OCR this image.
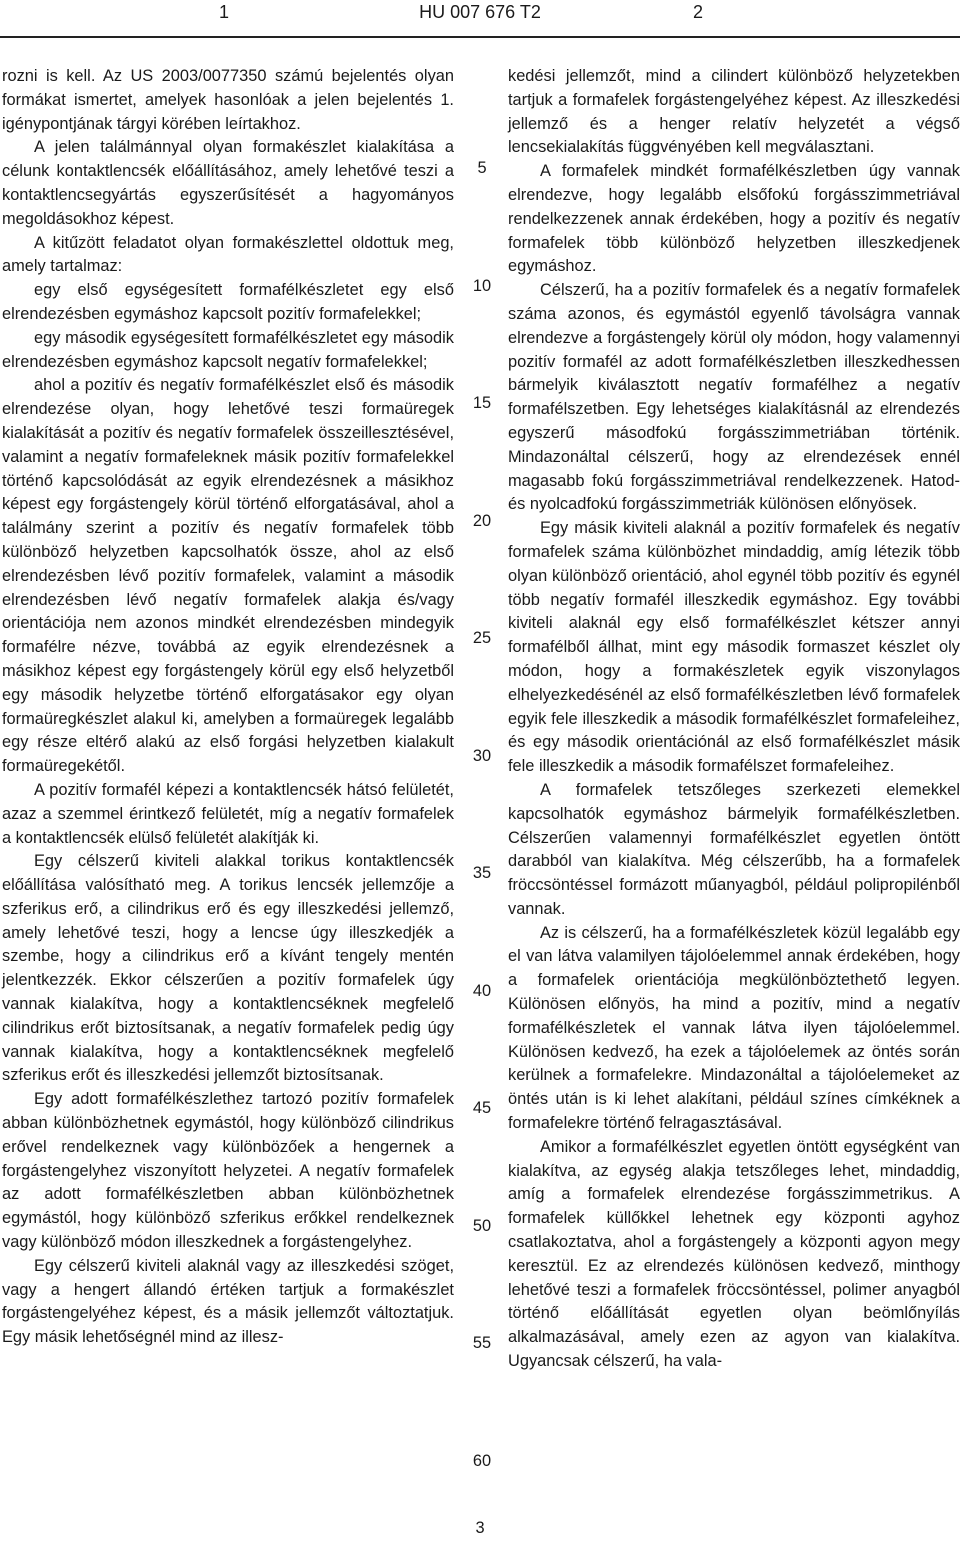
1	HU 007 676 T2	2

rozni is kell. Az US 2003/0077350 számú bejelentés olyan formákat ismertet, amelyek hasonlóak a jelen bejelentés 1. igénypontjának tárgyi körében leírtakhoz.

A jelen találmánnyal olyan formakészlet kialakítása a célunk kontaktlencsék előállításához, amely lehetővé teszi a kontaktlencsegyártás egyszerűsítését a hagyományos megoldásokhoz képest.

A kitűzött feladatot olyan formakészlettel oldottuk meg, amely tartalmaz:

egy első egységesített formafélkészletet egy első elrendezésben egymáshoz kapcsolt pozitív formafelekkel;

egy második egységesített formafélkészletet egy második elrendezésben egymáshoz kapcsolt negatív formafelekkel;

ahol a pozitív és negatív formafélkészlet első és második elrendezése olyan, hogy lehetővé teszi formaüregek kialakítását a pozitív és negatív formafelek összeillesztésével, valamint a negatív formafeleknek másik pozitív formafelekkel történő kapcsolódását az egyik elrendezésnek a másikhoz képest egy forgástengely körül történő elforgatásával, ahol a találmány szerint a pozitív és negatív formafelek több különböző helyzetben kapcsolhatók össze, ahol az első elrendezésben lévő pozitív formafelek, valamint a második elrendezésben lévő negatív formafelek alakja és/vagy orientációja nem azonos mindkét elrendezésben mindegyik formafélre nézve, továbbá az egyik elrendezésnek a másikhoz képest egy forgástengely körül egy első helyzetből egy második helyzetbe történő elforgatásakor egy olyan formaüregkészlet alakul ki, amelyben a formaüregek legalább egy része eltérő alakú az első forgási helyzetben kialakult formaüregekétől.

A pozitív formafél képezi a kontaktlencsék hátsó felületét, azaz a szemmel érintkező felületét, míg a negatív formafelek a kontaktlencsék elülső felületét alakítják ki.

Egy célszerű kiviteli alakkal torikus kontaktlencsék előállítása valósítható meg. A torikus lencsék jellemzője a szferikus erő, a cilindrikus erő és egy illeszkedési jellemző, amely lehetővé teszi, hogy a lencse úgy illeszkedjék a szembe, hogy a cilindrikus erő a kívánt tengely mentén jelentkezzék. Ekkor célszerűen a pozitív formafelek úgy vannak kialakítva, hogy a kontaktlencséknek megfelelő cilindrikus erőt biztosítsanak, a negatív formafelek pedig úgy vannak kialakítva, hogy a kontaktlencséknek megfelelő szferikus erőt és illeszkedési jellemzőt biztosítsanak.

Egy adott formafélkészlethez tartozó pozitív formafelek abban különbözhetnek egymástól, hogy különböző cilindrikus erővel rendelkeznek vagy különbözőek a hengernek a forgástengelyhez viszonyított helyzetei. A negatív formafelek az adott formafélkészletben abban különbözhetnek egymástól, hogy különböző szferikus erőkkel rendelkeznek vagy különböző módon illeszkednek a forgástengelyhez.

Egy célszerű kiviteli alaknál vagy az illeszkedési szöget, vagy a hengert állandó értéken tartjuk a formakészlet forgástengelyéhez képest, és a másik jellemzőt változtatjuk. Egy másik lehetőségnél mind az illesz-

kedési jellemzőt, mind a cilindert különböző helyzetekben tartjuk a formafelek forgástengelyéhez képest. Az illeszkedési jellemző és a henger relatív helyzetét a végső lencsekialakítás függvényében kell megválasztani.

A formafelek mindkét formafélkészletben úgy vannak elrendezve, hogy legalább elsőfokú forgásszimmetriával rendelkezzenek annak érdekében, hogy a pozitív és negatív formafelek több különböző helyzetben illeszkedjenek egymáshoz.

Célszerű, ha a pozitív formafelek és a negatív formafelek száma azonos, és egymástól egyenlő távolságra vannak elrendezve a forgástengely körül oly módon, hogy valamennyi pozitív formafél az adott formafélkészletben illeszkedhessen bármelyik kiválasztott negatív formafélhez a negatív formafélszetben. Egy lehetséges kialakításnál az elrendezés egyszerű másodfokú forgásszimmetriában történik. Mindazonáltal célszerű, hogy az elrendezések ennél magasabb fokú forgásszimmetriával rendelkezzenek. Hatod- és nyolcadfokú forgásszimmetriák különösen előnyösek.

Egy másik kiviteli alaknál a pozitív formafelek és negatív formafelek száma különbözhet mindaddig, amíg létezik több olyan különböző orientáció, ahol egynél több pozitív és egynél több negatív formafél illeszkedik egymáshoz. Egy további kiviteli alaknál egy első formafélkészlet kétszer annyi formafélből állhat, mint egy második formaszet készlet oly módon, hogy a formakészletek egyik viszonylagos elhelyezkedésénél az első formafélkészletben lévő formafelek egyik fele illeszkedik a második formafélkészlet formafeleihez, és egy második orientációnál az első formafélkészlet másik fele illeszkedik a második formafélszet formafeleihez.

A formafelek tetszőleges szerkezeti elemekkel kapcsolhatók egymáshoz bármelyik formafélkészletben. Célszerűen valamennyi formafélkészlet egyetlen öntött darabból van kialakítva. Még célszerűbb, ha a formafelek fröccsöntéssel formázott műanyagból, például polipropilénből vannak.

Az is célszerű, ha a formafélkészletek közül legalább egy el van látva valamilyen tájolóelemmel annak érdekében, hogy a formafelek orientációja megkülönböztethető legyen. Különösen előnyös, ha mind a pozitív, mind a negatív formafélkészletek el vannak látva ilyen tájolóelemmel. Különösen kedvező, ha ezek a tájolóelemek az öntés során kerülnek a formafelekre. Mindazonáltal a tájolóelemeket az öntés után is ki lehet alakítani, például színes címkéknek a formafelekre történő felragasztásával.

Amikor a formafélkészlet egyetlen öntött egységként van kialakítva, az egység alakja tetszőleges lehet, mindaddig, amíg a formafelek elrendezése forgásszimmetrikus. A formafelek küllőkkel lehetnek egy központi agyhoz csatlakoztatva, ahol a forgástengely a központi agyon megy keresztül. Ez az elrendezés különösen kedvező, minthogy lehetővé teszi a formafelek fröccsöntéssel, polimer anyagból történő előállítását egyetlen olyan beömlőnyílás alkalmazásával, amely ezen az agyon van kialakítva. Ugyancsak célszerű, ha vala-

5
10
15
20
25
30
35
40
45
50
55
60
3
